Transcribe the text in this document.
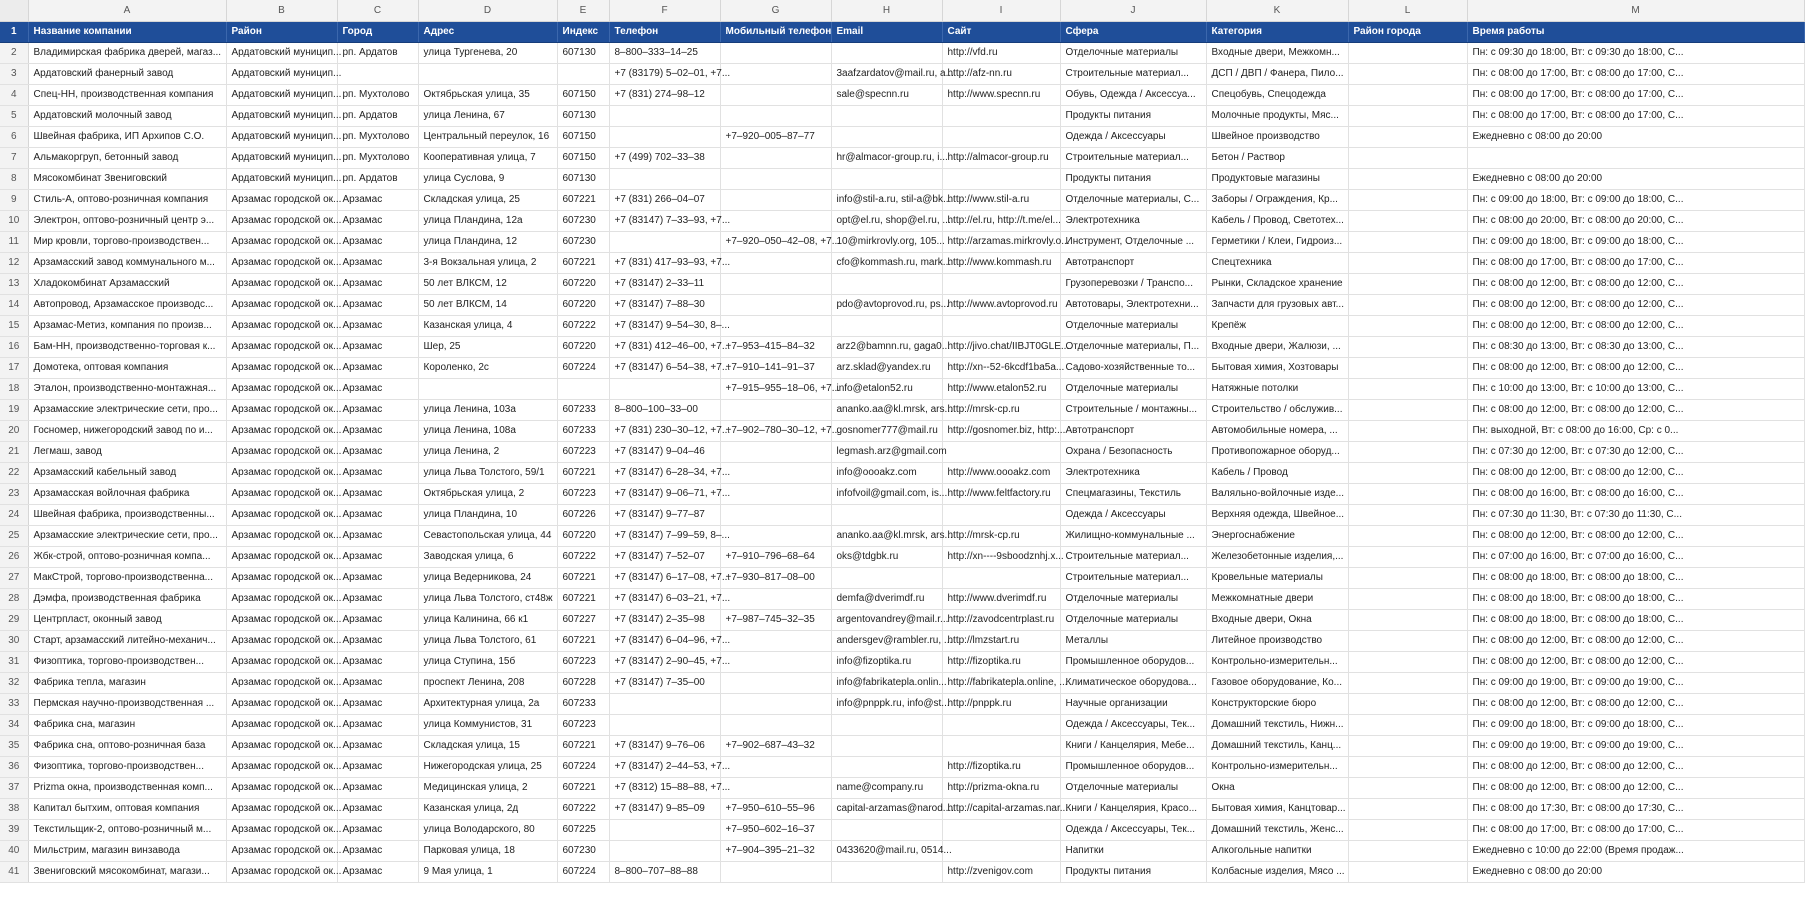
	A	B	C	D	E	F	G	H	I	J	K	L	M
1	Название компании	Район	Город	Адрес	Индекс	Телефон	Мобильный телефон	Email	Сайт	Сфера	Категория	Район города	Время работы
2	Владимирская фабрика дверей, магаз...	Ардатовский муницип...	рп. Ардатов	улица Тургенева, 20	607130	8–800–333–14–25			http://vfd.ru	Отделочные материалы	Входные двери, Межкомн...		Пн: с 09:30 до 18:00, Вт: с 09:30 до 18:00, С...
3	Ардатовский фанерный завод	Ардатовский муницип...				+7 (83179) 5–02–01, +7...		3aafzardatov@mail.ru, a...	http://afz-nn.ru	Строительные материал...	ДСП / ДВП / Фанера, Пило...		Пн: с 08:00 до 17:00, Вт: с 08:00 до 17:00, С...
4	Спец-НН, производственная компания	Ардатовский муницип...	рп. Мухтолово	Октябрьская улица, 35	607150	+7 (831) 274–98–12		sale@specnn.ru	http://www.specnn.ru	Обувь, Одежда / Аксессуа...	Спецобувь, Спецодежда		Пн: с 08:00 до 17:00, Вт: с 08:00 до 17:00, С...
5	Ардатовский молочный завод	Ардатовский муницип...	рп. Ардатов	улица Ленина, 67	607130					Продукты питания	Молочные продукты, Мяс...		Пн: с 08:00 до 17:00, Вт: с 08:00 до 17:00, С...
6	Швейная фабрика, ИП Архипов С.О.	Ардатовский муницип...	рп. Мухтолово	Центральный переулок, 16	607150		+7–920–005–87–77			Одежда / Аксессуары	Швейное производство		Ежедневно с 08:00 до 20:00
7	Альмакоргруп, бетонный завод	Ардатовский муницип...	рп. Мухтолово	Кооперативная улица, 7	607150	+7 (499) 702–33–38		hr@almacor-group.ru, i...	http://almacor-group.ru	Строительные материал...	Бетон / Раствор		
8	Мясокомбинат Звениговский	Ардатовский муницип...	рп. Ардатов	улица Суслова, 9	607130					Продукты питания	Продуктовые магазины		Ежедневно с 08:00 до 20:00
9	Стиль-А, оптово-розничная компания	Арзамас городской ок...	Арзамас	Складская улица, 25	607221	+7 (831) 266–04–07		info@stil-a.ru, stil-a@bk...	http://www.stil-a.ru	Отделочные материалы, С...	Заборы / Ограждения, Кр...		Пн: с 09:00 до 18:00, Вт: с 09:00 до 18:00, С...
10	Электрон, оптово-розничный центр э...	Арзамас городской ок...	Арзамас	улица Пландина, 12а	607230	+7 (83147) 7–33–93, +7...		opt@el.ru, shop@el.ru, ...	http://el.ru, http://t.me/el...	Электротехника	Кабель / Провод, Светотех...		Пн: с 08:00 до 20:00, Вт: с 08:00 до 20:00, С...
11	Мир кровли, торгово-производствен...	Арзамас городской ок...	Арзамас	улица Пландина, 12	607230		+7–920–050–42–08, +7...	10@mirkrovly.org, 105...	http://arzamas.mirkrovly.o...	Инструмент, Отделочные ...	Герметики / Клеи, Гидроиз...		Пн: с 09:00 до 18:00, Вт: с 09:00 до 18:00, С...
12	Арзамасский завод коммунального м...	Арзамас городской ок...	Арзамас	3-я Вокзальная улица, 2	607221	+7 (831) 417–93–93, +7...		cfo@kommash.ru, mark...	http://www.kommash.ru	Автотранспорт	Спецтехника		Пн: с 08:00 до 17:00, Вт: с 08:00 до 17:00, С...
13	Хладокомбинат Арзамасский	Арзамас городской ок...	Арзамас	50 лет ВЛКСМ, 12	607220	+7 (83147) 2–33–11				Грузоперевозки / Транспо...	Рынки, Складское хранение		Пн: с 08:00 до 12:00, Вт: с 08:00 до 12:00, С...
14	Автопровод, Арзамасское производс...	Арзамас городской ок...	Арзамас	50 лет ВЛКСМ, 14	607220	+7 (83147) 7–88–30		pdo@avtoprovod.ru, ps...	http://www.avtoprovod.ru	Автотовары, Электротехни...	Запчасти для грузовых авт...		Пн: с 08:00 до 12:00, Вт: с 08:00 до 12:00, С...
15	Арзамас-Метиз, компания по произв...	Арзамас городской ок...	Арзамас	Казанская улица, 4	607222	+7 (83147) 9–54–30, 8–...				Отделочные материалы	Крепёж		Пн: с 08:00 до 12:00, Вт: с 08:00 до 12:00, С...
16	Бам-НН, производственно-торговая к...	Арзамас городской ок...	Арзамас	Шер, 25	607220	+7 (831) 412–46–00, +7...	+7–953–415–84–32	arz2@bamnn.ru, gaga0...	http://jivo.chat/IIBJT0GLE...	Отделочные материалы, П...	Входные двери, Жалюзи, ...		Пн: с 08:30 до 13:00, Вт: с 08:30 до 13:00, С...
17	Домотека, оптовая компания	Арзамас городской ок...	Арзамас	Короленко, 2с	607224	+7 (83147) 6–54–38, +7...	+7–910–141–91–37	arz.sklad@yandex.ru	http://xn--52-6kcdf1ba5a...	Садово-хозяйственные то...	Бытовая химия, Хозтовары		Пн: с 08:00 до 12:00, Вт: с 08:00 до 12:00, С...
18	Эталон, производственно-монтажная...	Арзамас городской ок...	Арзамас				+7–915–955–18–06, +7...	info@etalon52.ru	http://www.etalon52.ru	Отделочные материалы	Натяжные потолки		Пн: с 10:00 до 13:00, Вт: с 10:00 до 13:00, С...
19	Арзамасские электрические сети, про...	Арзамас городской ок...	Арзамас	улица Ленина, 103а	607233	8–800–100–33–00		ananko.aa@kl.mrsk, ars...	http://mrsk-cp.ru	Строительные / монтажны...	Строительство / обслужив...		Пн: с 08:00 до 12:00, Вт: с 08:00 до 12:00, С...
20	Госномер, нижегородский завод по и...	Арзамас городской ок...	Арзамас	улица Ленина, 108а	607233	+7 (831) 230–30–12, +7...	+7–902–780–30–12, +7...	gosnomer777@mail.ru	http://gosnomer.biz, http:...	Автотранспорт	Автомобильные номера, ...		Пн: выходной, Вт: с 08:00 до 16:00, Ср: с 0...
21	Легмаш, завод	Арзамас городской ок...	Арзамас	улица Ленина, 2	607223	+7 (83147) 9–04–46		legmash.arz@gmail.com		Охрана / Безопасность	Противопожарное оборуд...		Пн: с 07:30 до 12:00, Вт: с 07:30 до 12:00, С...
22	Арзамасский кабельный завод	Арзамас городской ок...	Арзамас	улица Льва Толстого, 59/1	607221	+7 (83147) 6–28–34, +7...		info@oooakz.com	http://www.oooakz.com	Электротехника	Кабель / Провод		Пн: с 08:00 до 12:00, Вт: с 08:00 до 12:00, С...
23	Арзамасская войлочная фабрика	Арзамас городской ок...	Арзамас	Октябрьская улица, 2	607223	+7 (83147) 9–06–71, +7...		infofvoil@gmail.com, is...	http://www.feltfactory.ru	Спецмагазины, Текстиль	Валяльно-войлочные изде...		Пн: с 08:00 до 16:00, Вт: с 08:00 до 16:00, С...
24	Швейная фабрика, производственны...	Арзамас городской ок...	Арзамас	улица Пландина, 10	607226	+7 (83147) 9–77–87				Одежда / Аксессуары	Верхняя одежда, Швейное...		Пн: с 07:30 до 11:30, Вт: с 07:30 до 11:30, С...
25	Арзамасские электрические сети, про...	Арзамас городской ок...	Арзамас	Севастопольская улица, 44	607220	+7 (83147) 7–99–59, 8–...		ananko.aa@kl.mrsk, ars...	http://mrsk-cp.ru	Жилищно-коммунальные ...	Энергоснабжение		Пн: с 08:00 до 12:00, Вт: с 08:00 до 12:00, С...
26	Жбк-строй, оптово-розничная компа...	Арзамас городской ок...	Арзамас	Заводская улица, 6	607222	+7 (83147) 7–52–07	+7–910–796–68–64	oks@tdgbk.ru	http://xn----9sboodznhj.x...	Строительные материал...	Железобетонные изделия,...		Пн: с 07:00 до 16:00, Вт: с 07:00 до 16:00, С...
27	МакСтрой, торгово-производственна...	Арзамас городской ок...	Арзамас	улица Ведерникова, 24	607221	+7 (83147) 6–17–08, +7...	+7–930–817–08–00			Строительные материал...	Кровельные материалы		Пн: с 08:00 до 18:00, Вт: с 08:00 до 18:00, С...
28	Дэмфа, производственная фабрика	Арзамас городской ок...	Арзамас	улица Льва Толстого, ст48ж	607221	+7 (83147) 6–03–21, +7...		demfa@dverimdf.ru	http://www.dverimdf.ru	Отделочные материалы	Межкомнатные двери		Пн: с 08:00 до 18:00, Вт: с 08:00 до 18:00, С...
29	Центрпласт, оконный завод	Арзамас городской ок...	Арзамас	улица Калинина, 66 к1	607227	+7 (83147) 2–35–98	+7–987–745–32–35	argentovandrey@mail.r...	http://zavodcentrplast.ru	Отделочные материалы	Входные двери, Окна		Пн: с 08:00 до 18:00, Вт: с 08:00 до 18:00, С...
30	Старт, арзамасский литейно-механич...	Арзамас городской ок...	Арзамас	улица Льва Толстого, 61	607221	+7 (83147) 6–04–96, +7...		andersgev@rambler.ru, ...	http://lmzstart.ru	Металлы	Литейное производство		Пн: с 08:00 до 12:00, Вт: с 08:00 до 12:00, С...
31	Физоптика, торгово-производствен...	Арзамас городской ок...	Арзамас	улица Ступина, 15б	607223	+7 (83147) 2–90–45, +7...		info@fizoptika.ru	http://fizoptika.ru	Промышленное оборудов...	Контрольно-измерительн...		Пн: с 08:00 до 12:00, Вт: с 08:00 до 12:00, С...
32	Фабрика тепла, магазин	Арзамас городской ок...	Арзамас	проспект Ленина, 208	607228	+7 (83147) 7–35–00		info@fabrikatepla.onlin...	http://fabrikatepla.online, ...	Климатическое оборудова...	Газовое оборудование, Ко...		Пн: с 09:00 до 19:00, Вт: с 09:00 до 19:00, С...
33	Пермская научно-производственная ...	Арзамас городской ок...	Арзамас	Архитектурная улица, 2а	607233			info@pnppk.ru, info@st...	http://pnppk.ru	Научные организации	Конструкторские бюро		Пн: с 08:00 до 12:00, Вт: с 08:00 до 12:00, С...
34	Фабрика сна, магазин	Арзамас городской ок...	Арзамас	улица Коммунистов, 31	607223					Одежда / Аксессуары, Тек...	Домашний текстиль, Нижн...		Пн: с 09:00 до 18:00, Вт: с 09:00 до 18:00, С...
35	Фабрика сна, оптово-розничная база	Арзамас городской ок...	Арзамас	Складская улица, 15	607221	+7 (83147) 9–76–06	+7–902–687–43–32			Книги / Канцелярия, Мебе...	Домашний текстиль, Канц...		Пн: с 09:00 до 19:00, Вт: с 09:00 до 19:00, С...
36	Физоптика, торгово-производствен...	Арзамас городской ок...	Арзамас	Нижегородская улица, 25	607224	+7 (83147) 2–44–53, +7...			http://fizoptika.ru	Промышленное оборудов...	Контрольно-измерительн...		Пн: с 08:00 до 12:00, Вт: с 08:00 до 12:00, С...
37	Prizma окна, производственная комп...	Арзамас городской ок...	Арзамас	Медицинская улица, 2	607221	+7 (8312) 15–88–88, +7...		name@company.ru	http://prizma-okna.ru	Отделочные материалы	Окна		Пн: с 08:00 до 12:00, Вт: с 08:00 до 12:00, С...
38	Капитал бытхим, оптовая компания	Арзамас городской ок...	Арзамас	Казанская улица, 2д	607222	+7 (83147) 9–85–09	+7–950–610–55–96	capital-arzamas@narod....	http://capital-arzamas.nar...	Книги / Канцелярия, Красо...	Бытовая химия, Канцтовар...		Пн: с 08:00 до 17:30, Вт: с 08:00 до 17:30, С...
39	Текстильщик-2, оптово-розничный м...	Арзамас городской ок...	Арзамас	улица Володарского, 80	607225		+7–950–602–16–37			Одежда / Аксессуары, Тек...	Домашний текстиль, Женс...		Пн: с 08:00 до 17:00, Вт: с 08:00 до 17:00, С...
40	Мильстрим, магазин винзавода	Арзамас городской ок...	Арзамас	Парковая улица, 18	607230		+7–904–395–21–32	0433620@mail.ru, 0514...		Напитки	Алкогольные напитки		Ежедневно с 10:00 до 22:00 (Время продаж...
41	Звениговский мясокомбинат, магази...	Арзамас городской ок...	Арзамас	9 Мая улица, 1	607224	8–800–707–88–88			http://zvenigov.com	Продукты питания	Колбасные изделия, Мясо ...		Ежедневно с 08:00 до 20:00
